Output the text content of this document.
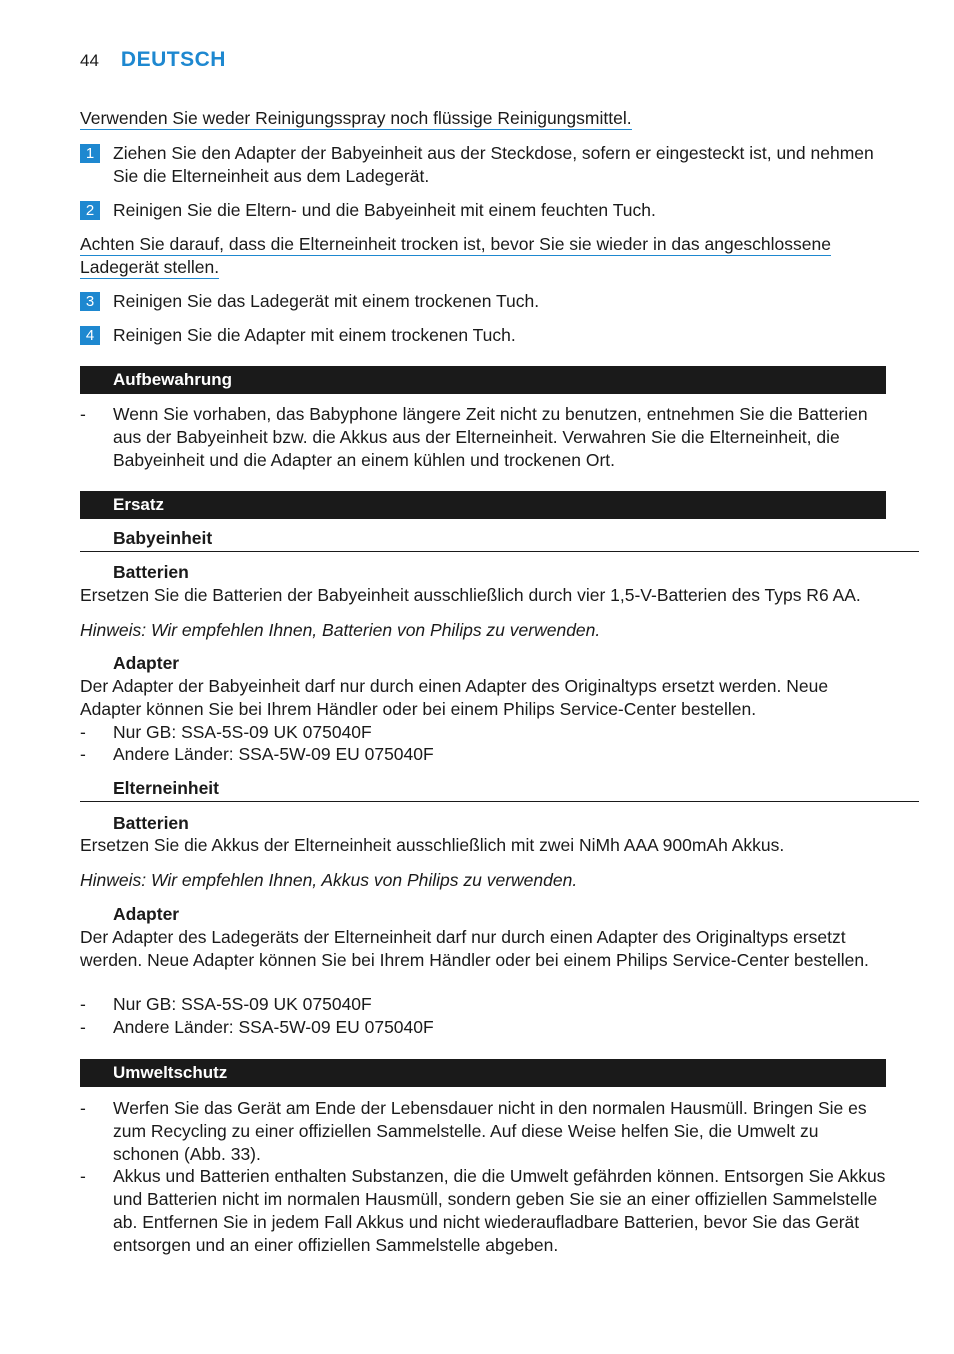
44 DEUTSCH
Verwenden Sie weder Reinigungsspray noch flüssige Reinigungsmittel.
1	Ziehen Sie den Adapter der Babyeinheit aus der Steckdose, sofern er eingesteckt ist, und nehmen Sie die Elterneinheit aus dem Ladegerät.
2	Reinigen Sie die Eltern- und die Babyeinheit mit einem feuchten Tuch.
Achten Sie darauf, dass die Elterneinheit trocken ist, bevor Sie sie wieder in das angeschlossene
Ladegerät stellen.
3	Reinigen Sie das Ladegerät mit einem trockenen Tuch.
4	Reinigen Sie die Adapter mit einem trockenen Tuch.
Aufbewahrung
-	Wenn Sie vorhaben, das Babyphone längere Zeit nicht zu benutzen, entnehmen Sie die Batterien aus der Babyeinheit bzw. die Akkus aus der Elterneinheit. Verwahren Sie die Elterneinheit, die Babyeinheit und die Adapter an einem kühlen und trockenen Ort.
Ersatz
Babyeinheit
Batterien
Ersetzen Sie die Batterien der Babyeinheit ausschließlich durch vier 1,5-V-Batterien des Typs R6 AA.
Hinweis: Wir empfehlen Ihnen, Batterien von Philips zu verwenden.
Adapter
Der Adapter der Babyeinheit darf nur durch einen Adapter des Originaltyps ersetzt werden. Neue Adapter können Sie bei Ihrem Händler oder bei einem Philips Service-Center bestellen.
-	Nur GB: SSA-5S-09 UK 075040F
-	Andere Länder: SSA-5W-09 EU 075040F
Elterneinheit
Batterien
Ersetzen Sie die Akkus der Elterneinheit ausschließlich mit zwei NiMh AAA 900mAh Akkus.
Hinweis: Wir empfehlen Ihnen, Akkus von Philips zu verwenden.
Adapter
Der Adapter des Ladegeräts der Elterneinheit darf nur durch einen Adapter des Originaltyps ersetzt werden. Neue Adapter können Sie bei Ihrem Händler oder bei einem Philips Service-Center bestellen.
-	Nur GB: SSA-5S-09 UK 075040F
-	Andere Länder: SSA-5W-09 EU 075040F
Umweltschutz
-	Werfen Sie das Gerät am Ende der Lebensdauer nicht in den normalen Hausmüll. Bringen Sie es zum Recycling zu einer offiziellen Sammelstelle. Auf diese Weise helfen Sie, die Umwelt zu schonen (Abb. 33).
-	Akkus und Batterien enthalten Substanzen, die die Umwelt gefährden können. Entsorgen Sie Akkus und Batterien nicht im normalen Hausmüll, sondern geben Sie sie an einer offiziellen Sammelstelle ab. Entfernen Sie in jedem Fall Akkus und nicht wiederaufladbare Batterien, bevor Sie das Gerät entsorgen und an einer offiziellen Sammelstelle abgeben.
